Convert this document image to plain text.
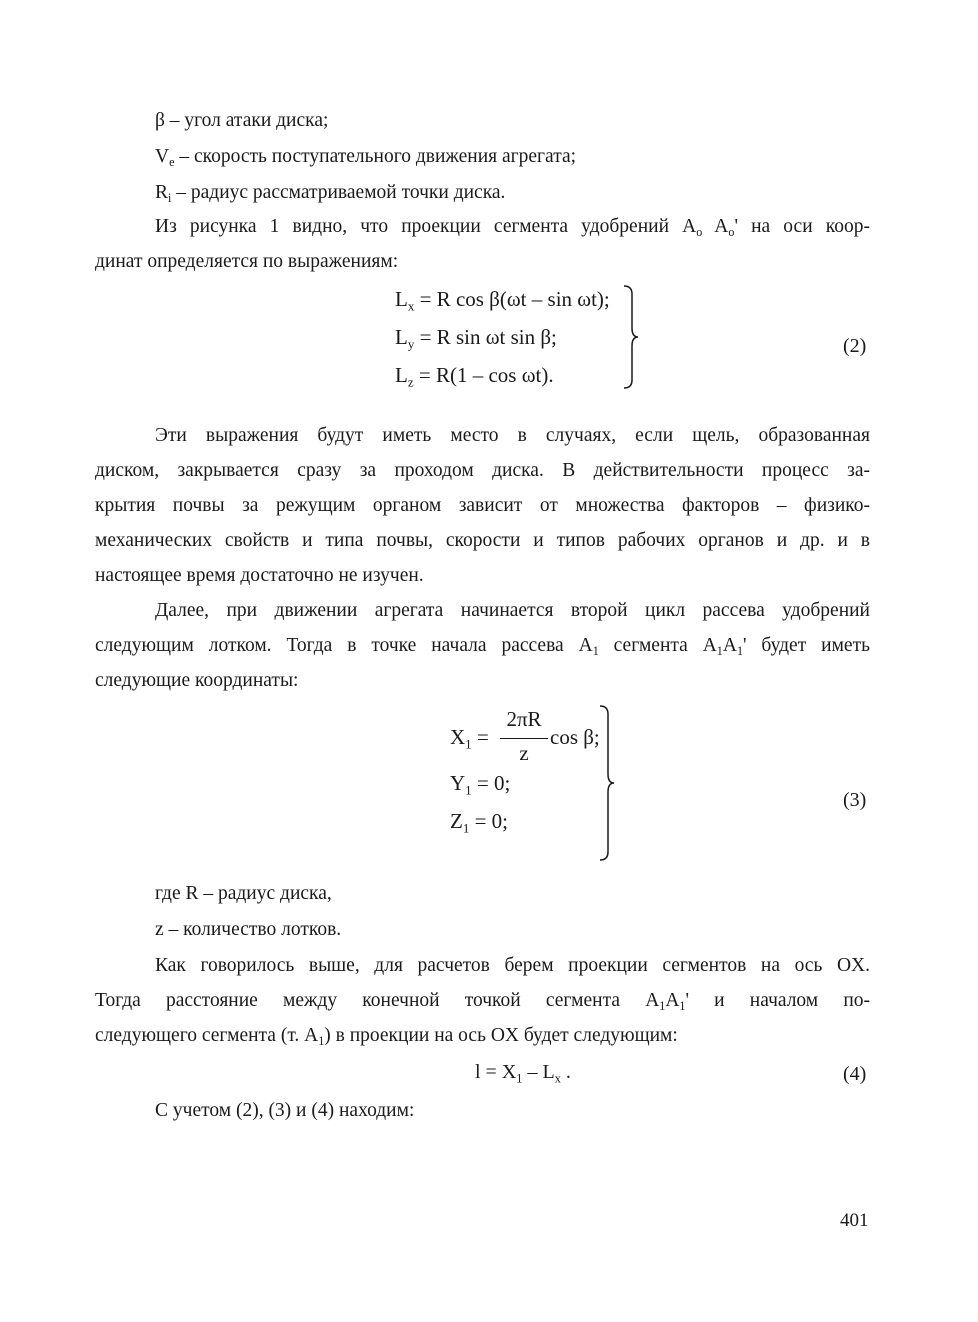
β – угол атаки диска;
$V_e$ – скорость поступательного движения агрегата;
$R_i$ – радиус рассматриваемой точки диска.
Из рисунка 1 видно, что проекции сегмента удобрений $A_o$ $A_o'$ на оси коор-
динат определяется по выражениям:
$L_x = R$ cos β(ωt – sin ωt);
$L_y = R$ sin ωt sin β;
$L_z = R(1 - \cos \omega t)$.
(2)
Эти выражения будут иметь место в случаях, если щель, образованная
диском, закрывается сразу за проходом диска. В действительности процесс за-
крытия почвы за режущим органом зависит от множества факторов – физико-
механических свойств и типа почвы, скорости и типов рабочих органов и др. и в
настоящее время достаточно не изучен.
Далее, при движении агрегата начинается второй цикл рассева удобрений
следующим лотком. Тогда в точке начала рассева $A_1$ сегмента $A_1A_1'$ будет иметь
следующие координаты:
$X_1$ =
2πR
z
cos β;
$Y_1 = 0$;
$Z_1 = 0$;
(3)
где R – радиус диска,
z – количество лотков.
Как говорилось выше, для расчетов берем проекции сегментов на ось OX.
Тогда расстояние между конечной точкой сегмента $A_1A_1'$ и началом по-
следующего сегмента (т. $A_1$) в проекции на ось OX будет следующим:
$l = X_1 - L_x$ .	(4)
С учетом (2), (3) и (4) находим:
401
